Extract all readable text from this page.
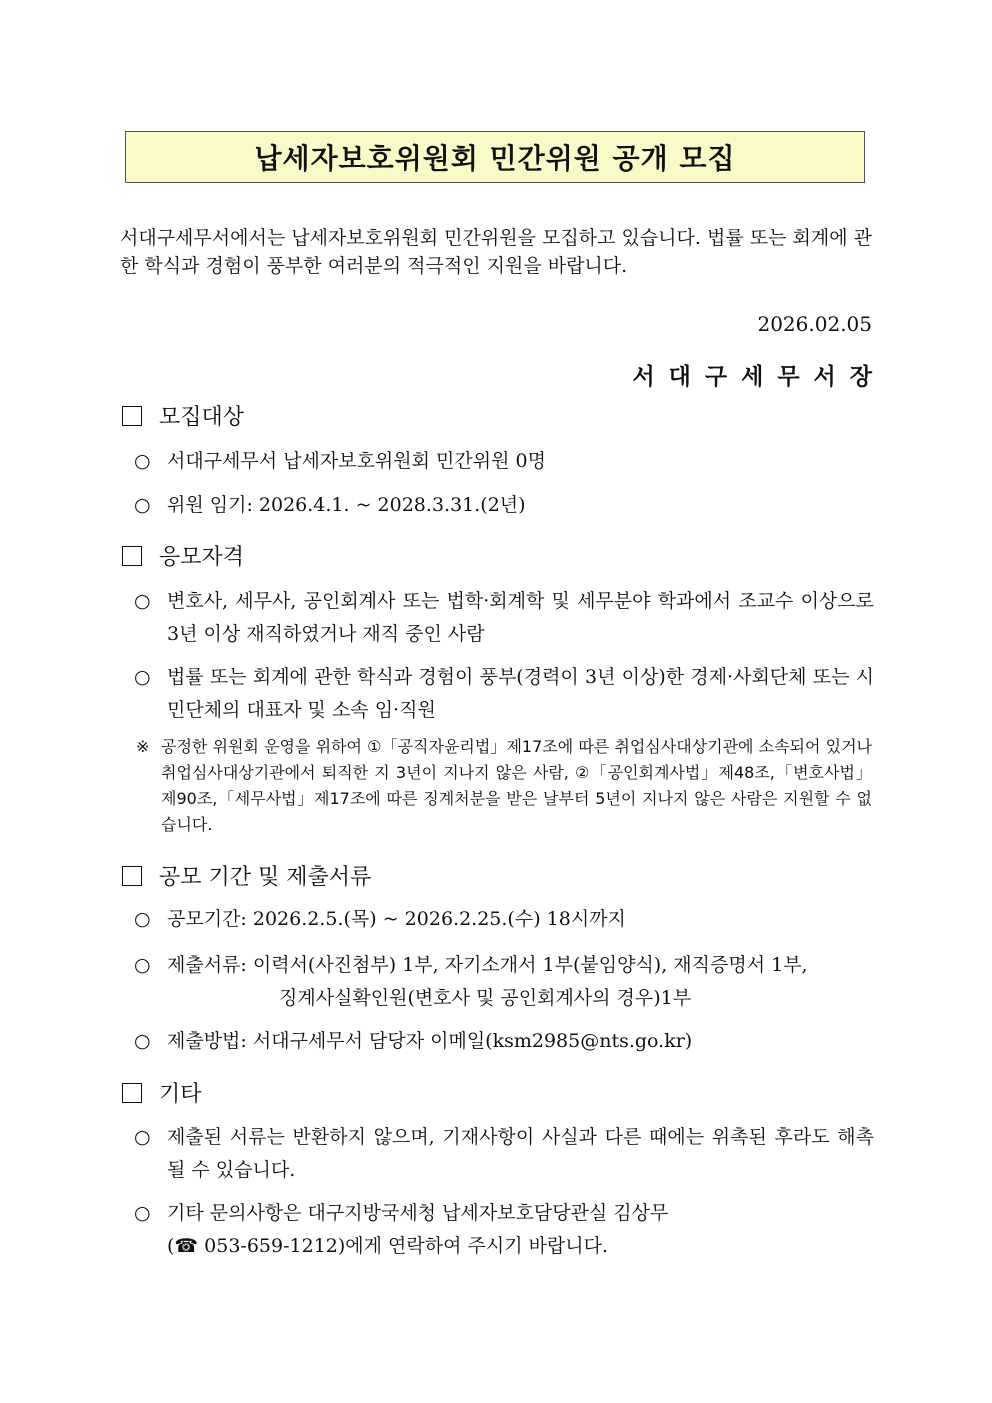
납세자보호위원회 민간위원 공개 모집
서대구세무서에서는 납세자보호위원회 민간위원을 모집하고 있습니다. 법률 또는 회계에 관한 학식과 경험이 풍부한 여러분의 적극적인 지원을 바랍니다.
2026.02.05
서대구세무서장
모집대상
○ 서대구세무서 납세자보호위원회 민간위원 0명
○ 위원 임기: 2026.4.1. ~ 2028.3.31.(2년)
응모자격
○ 변호사, 세무사, 공인회계사 또는 법학·회계학 및 세무분야 학과에서 조교수 이상으로 3년 이상 재직하였거나 재직 중인 사람
○ 법률 또는 회계에 관한 학식과 경험이 풍부(경력이 3년 이상)한 경제·사회단체 또는 시민단체의 대표자 및 소속 임·직원
※ 공정한 위원회 운영을 위하여 ①「공직자윤리법」제17조에 따른 취업심사대상기관에 소속되어 있거나 취업심사대상기관에서 퇴직한 지 3년이 지나지 않은 사람, ②「공인회계사법」제48조,「변호사법」제90조,「세무사법」제17조에 따른 징계처분을 받은 날부터 5년이 지나지 않은 사람은 지원할 수 없습니다.
공모 기간 및 제출서류
○ 공모기간: 2026.2.5.(목) ~ 2026.2.25.(수) 18시까지
○ 제출서류: 이력서(사진첨부) 1부, 자기소개서 1부(붙임양식), 재직증명서 1부,
징계사실확인원(변호사 및 공인회계사의 경우)1부
○ 제출방법: 서대구세무서 담당자 이메일(ksm2985@nts.go.kr)
기타
○ 제출된 서류는 반환하지 않으며, 기재사항이 사실과 다른 때에는 위촉된 후라도 해촉될 수 있습니다.
○ 기타 문의사항은 대구지방국세청 납세자보호담당관실 김상무
(☎ 053-659-1212)에게 연락하여 주시기 바랍니다.
